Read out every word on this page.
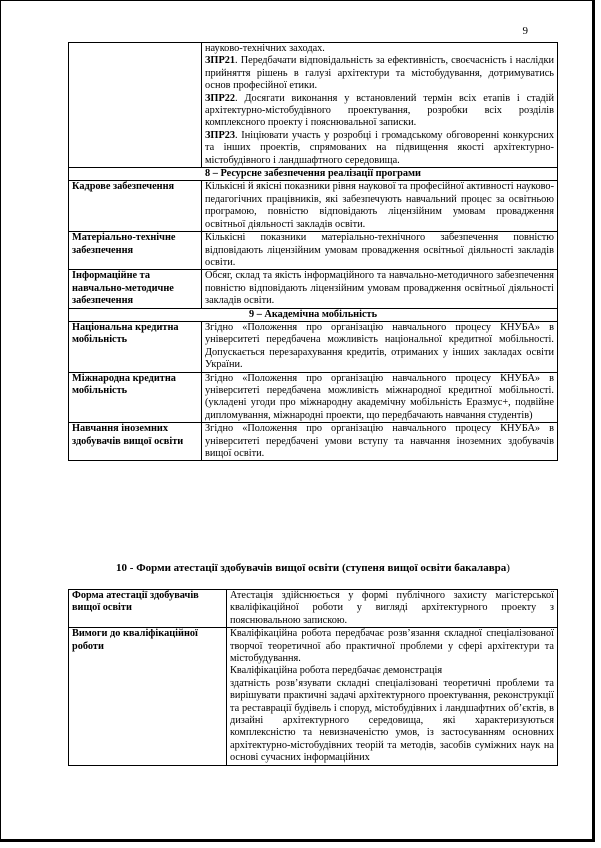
9

	науково-технічних заходах.

ЗПР21. Передбачати відповідальність за ефективність, своєчасність і наслідки прийняття рішень в галузі архітектури та містобудування, дотримуватись основ професійної етики.

ЗПР22. Досягати виконання у встановлений термін всіх етапів і стадій архітектурно-містобудівного проектування, розробки всіх розділів комплексного проекту і пояснювальної записки.

ЗПР23. Ініціювати участь у розробці і громадському обговоренні конкурсних та інших проектів, спрямованих на підвищення якості архітектурно-містобудівного і ландшафтного середовища.

8 – Ресурсне забезпечення реалізації програми	
Кадрове забезпечення	Кількісні й якісні показники рівня наукової та професійної активності науково-педагогічних працівників, які забезпечують навчальний процес за освітньою програмою, повністю відповідають ліцензійним умовам провадження освітньої діяльності закладів освіти.
Матеріально-технічне забезпечення	Кількісні показники матеріально-технічного забезпечення повністю відповідають ліцензійним умовам провадження освітньої діяльності закладів освіти.
Інформаційне та навчально-методичне забезпечення	Обсяг, склад та якість інформаційного та навчально-методичного забезпечення повністю відповідають ліцензійним умовам провадження освітньої діяльності закладів освіти.
9 – Академічна мобільність	
Національна кредитна мобільність	Згідно «Положення про організацію навчального процесу КНУБА» в університеті передбачена можливість національної кредитної мобільності. Допускається перезарахування кредитів, отриманих у інших закладах освіти України.
Міжнародна кредитна мобільність	Згідно «Положення про організацію навчального процесу КНУБА» в університеті передбачена можливість міжнародної кредитної мобільності. (укладені угоди про міжнародну академічну мобільність Еразмус+, подвійне дипломування, міжнародні проекти, що передбачають навчання студентів)
Навчання іноземних здобувачів вищої освіти	Згідно «Положення про організацію навчального процесу КНУБА» в університеті передбачені умови вступу та навчання іноземних здобувачів вищої освіти.
10 - Форми атестації здобувачів вищої освіти (ступеня вищої освіти бакалавра)
Форма атестації здобувачів вищої освіти	Атестація здійснюється у формі публічного захисту магістерської кваліфікаційної роботи у вигляді архітектурного проекту з пояснювальною запискою.

Вимоги до кваліфікаційної роботи	Кваліфікаційна робота передбачає розв’язання складної спеціалізованої творчої теоретичної або практичної проблеми у сфері архітектури та містобудування.

Кваліфікаційна робота передбачає демонстрація

здатність розв’язувати складні спеціалізовані теоретичні проблеми та вирішувати практичні задачі архітектурного проектування, реконструкції та реставрації будівель і споруд, містобудівних і ландшафтних об’єктів, в дизайні архітектурного середовища, які характеризуються комплексністю та невизначеністю умов, із застосуванням основних архітектурно-містобудівних теорій та методів, засобів суміжних наук на основі сучасних інформаційних
